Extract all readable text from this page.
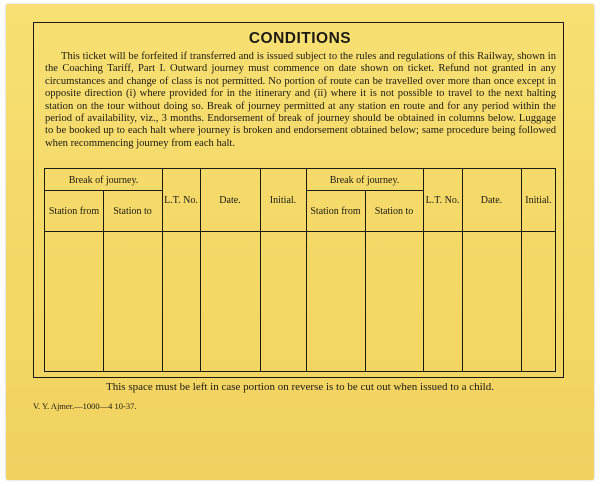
CONDITIONS

This ticket will be forfeited if transferred and is issued subject to the rules and regulations of this Railway, shown in the Coaching Tariff, Part I. Outward journey must commence on date shown on ticket. Refund not granted in any circumstances and change of class is not permitted. No portion of route can be travelled over more than once except in opposite direction (i) where provided for in the itinerary and (ii) where it is not possible to travel to the next halting station on the tour without doing so. Break of journey permitted at any station en route and for any period within the period of availability, viz., 3 months. Endorsement of break of journey should be obtained in columns below. Luggage to be booked up to each halt where journey is broken and endorsement obtained below; same procedure being followed when recommencing journey from each halt.

Break of journey.
Station from	Station to
L.T. No.	Date.	Initial.
Break of journey.
Station from	Station to
L.T. No.	Date.	Initial.
This space must be left in case portion on reverse is to be cut out when issued to a child.
V. Y. Ajmer.—1000—4 10-37.
